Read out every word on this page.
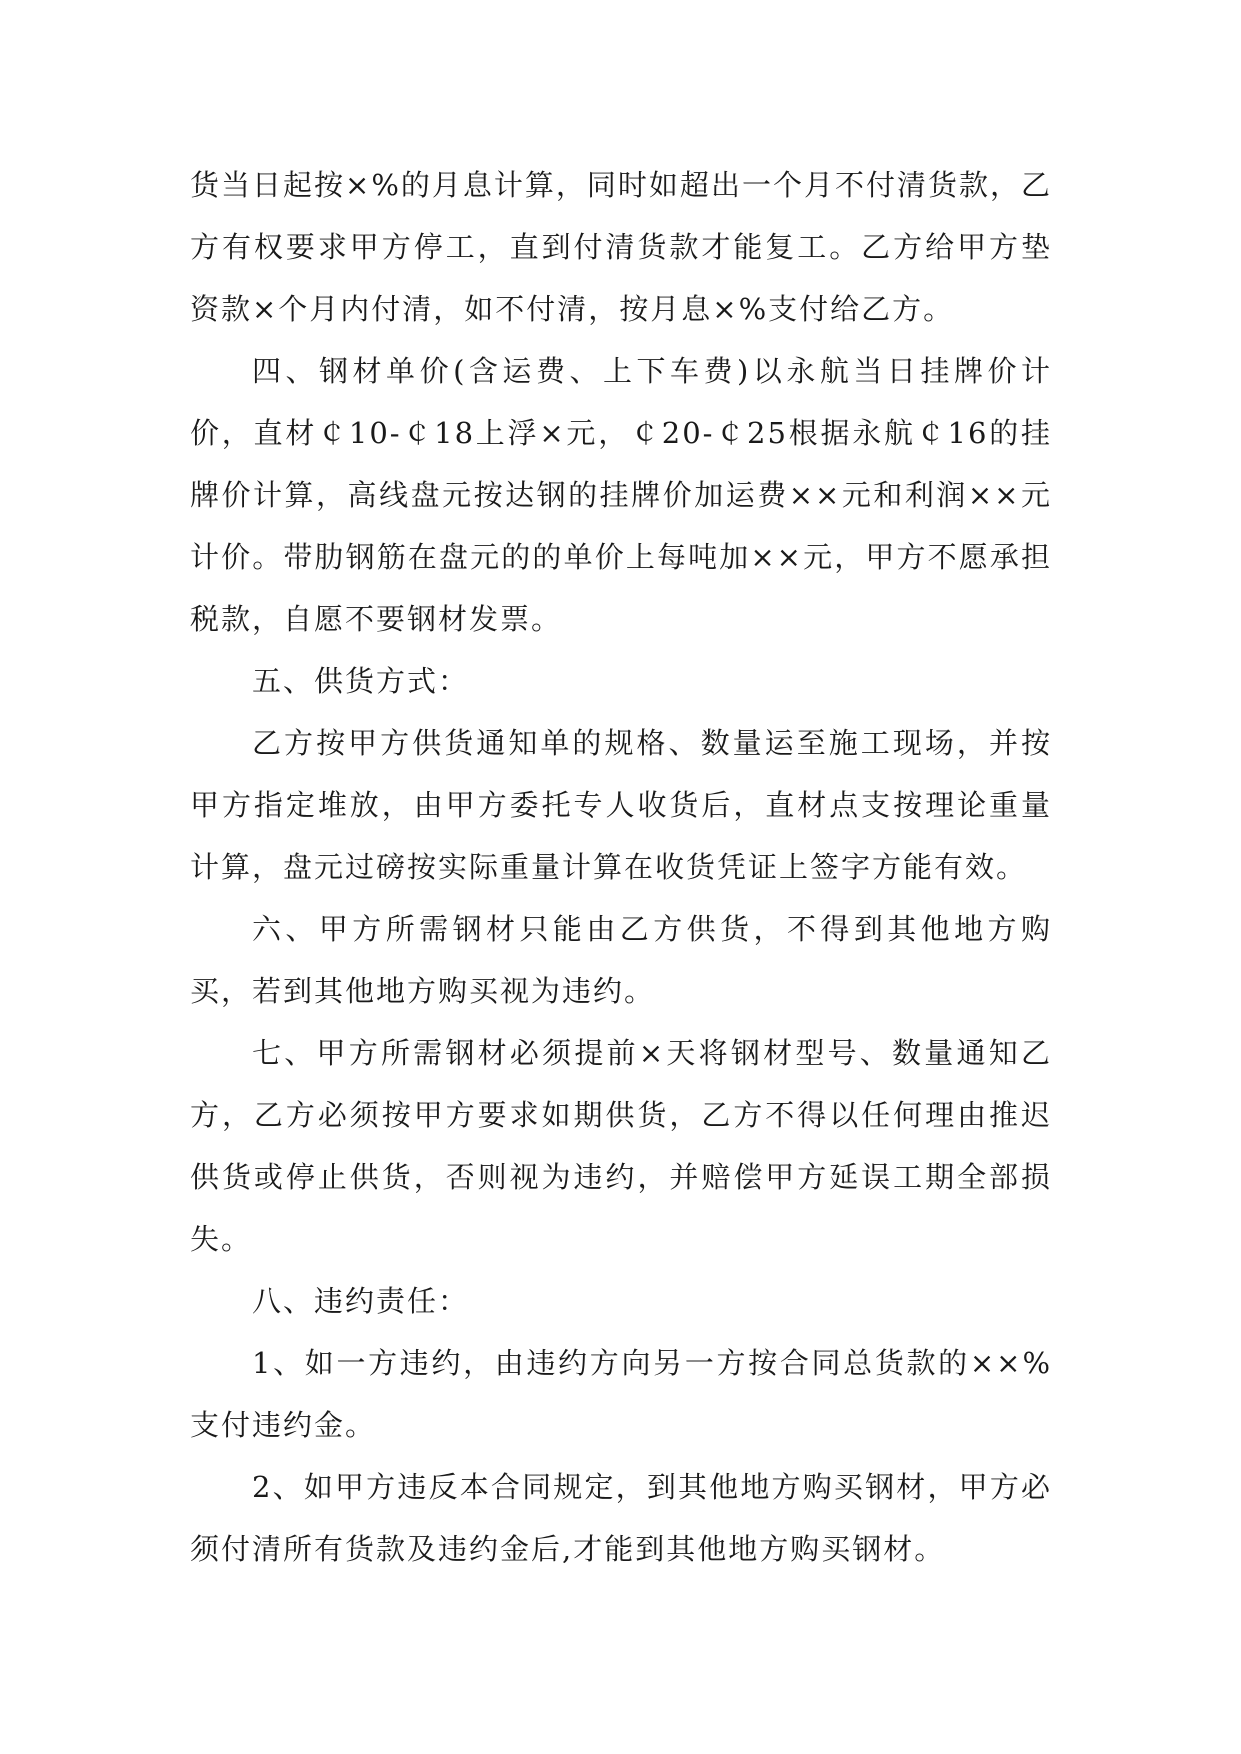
货当日起按×%的月息计算，同时如超出一个月不付清货款，乙方有权要求甲方停工，直到付清货款才能复工。乙方给甲方垫资款×个月内付清，如不付清，按月息×%支付给乙方。

四、钢材单价(含运费、上下车费)以永航当日挂牌价计价，直材￠10-￠18上浮×元，￠20-￠25根据永航￠16的挂牌价计算，高线盘元按达钢的挂牌价加运费××元和利润××元计价。带肋钢筋在盘元的的单价上每吨加××元，甲方不愿承担税款，自愿不要钢材发票。

五、供货方式：

乙方按甲方供货通知单的规格、数量运至施工现场，并按甲方指定堆放，由甲方委托专人收货后，直材点支按理论重量计算，盘元过磅按实际重量计算在收货凭证上签字方能有效。

六、甲方所需钢材只能由乙方供货，不得到其他地方购买，若到其他地方购买视为违约。

七、甲方所需钢材必须提前×天将钢材型号、数量通知乙方，乙方必须按甲方要求如期供货，乙方不得以任何理由推迟供货或停止供货，否则视为违约，并赔偿甲方延误工期全部损失。

八、违约责任：

1、如一方违约，由违约方向另一方按合同总货款的××%支付违约金。

2、如甲方违反本合同规定，到其他地方购买钢材，甲方必须付清所有货款及违约金后,才能到其他地方购买钢材。
